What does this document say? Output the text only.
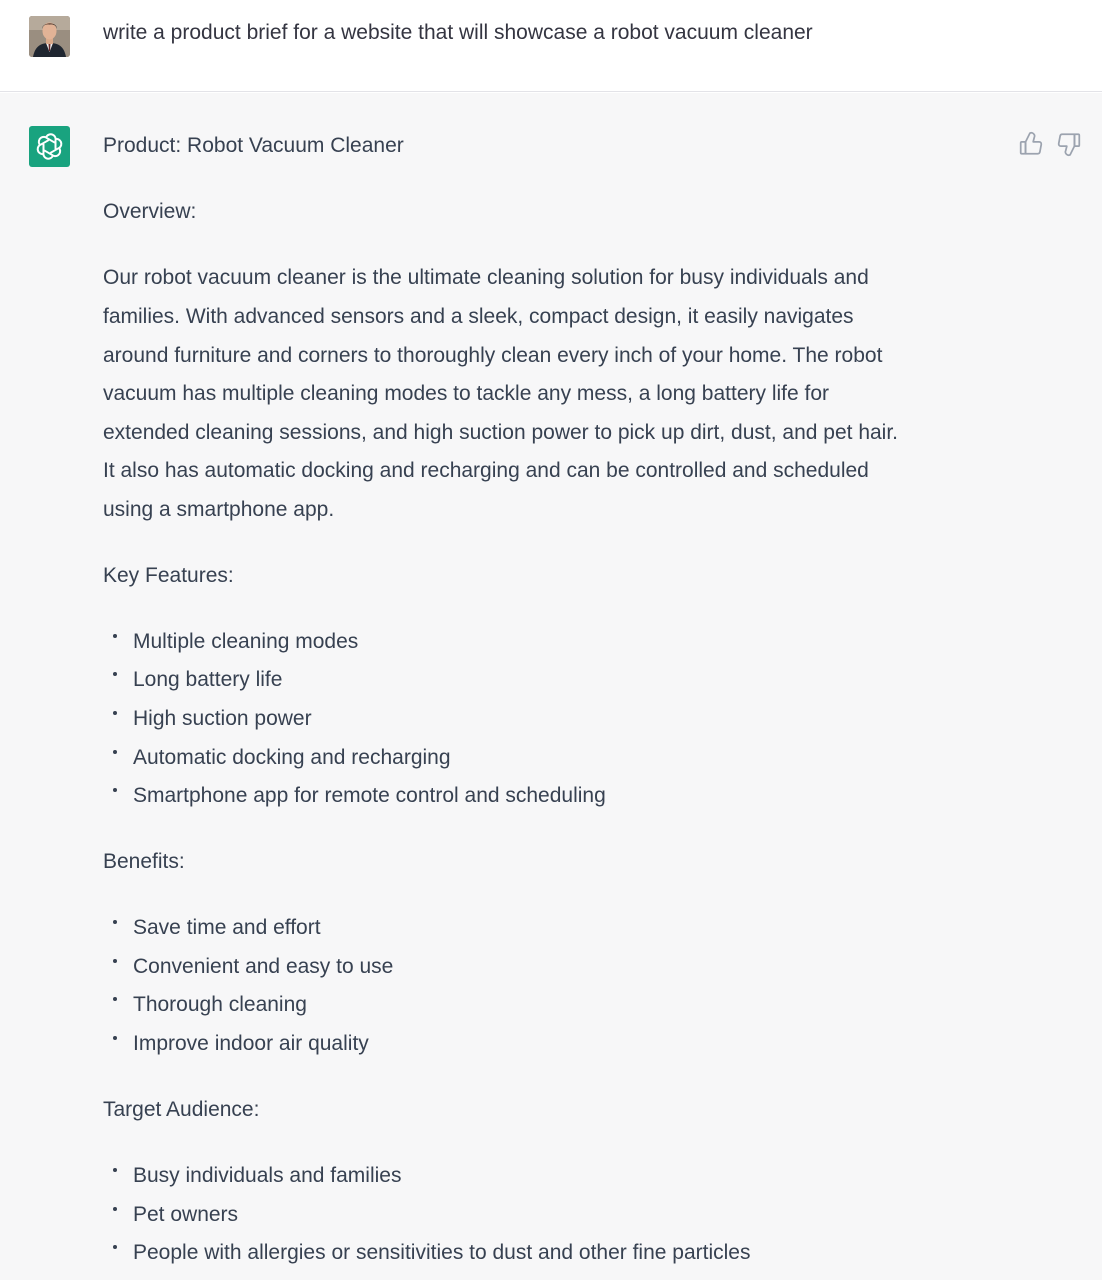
write a product brief for a website that will showcase a robot vacuum cleaner
Product: Robot Vacuum Cleaner
Overview:
Our robot vacuum cleaner is the ultimate cleaning solution for busy individuals and
families. With advanced sensors and a sleek, compact design, it easily navigates
around furniture and corners to thoroughly clean every inch of your home. The robot
vacuum has multiple cleaning modes to tackle any mess, a long battery life for
extended cleaning sessions, and high suction power to pick up dirt, dust, and pet hair.
It also has automatic docking and recharging and can be controlled and scheduled
using a smartphone app.
Key Features:
Multiple cleaning modes
Long battery life
High suction power
Automatic docking and recharging
Smartphone app for remote control and scheduling
Benefits:
Save time and effort
Convenient and easy to use
Thorough cleaning
Improve indoor air quality
Target Audience:
Busy individuals and families
Pet owners
People with allergies or sensitivities to dust and other fine particles
